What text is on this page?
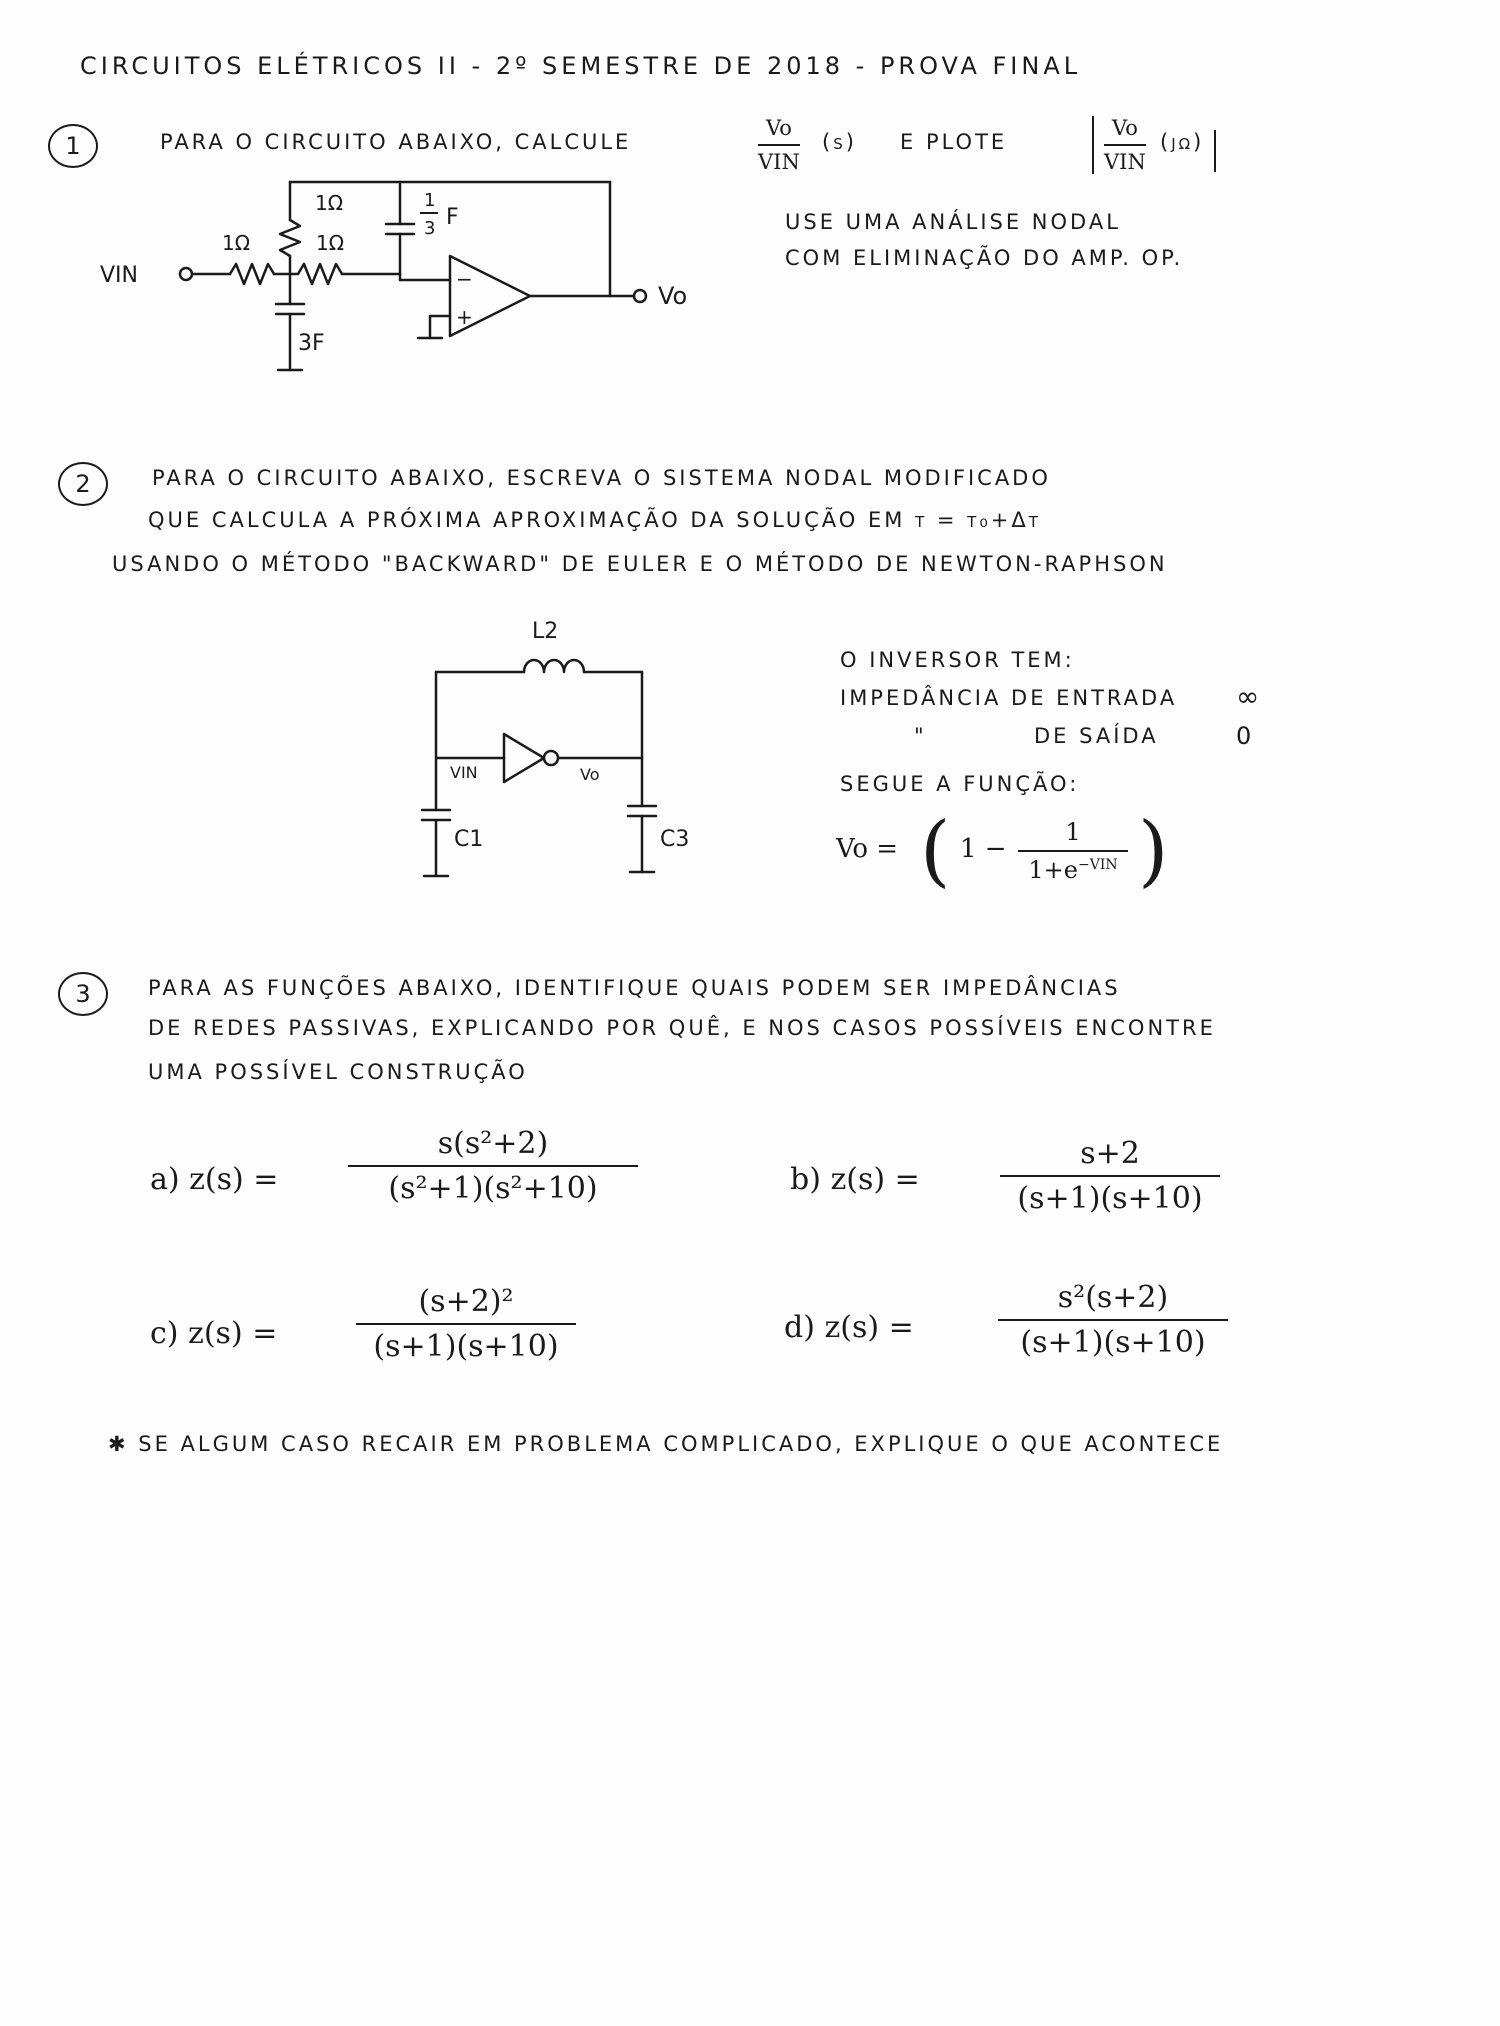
CIRCUITOS ELÉTRICOS II - 2º SEMESTRE DE 2018 - PROVA FINAL
1	PARA O CIRCUITO ABAIXO, CALCULE
Vo
VIN
(s) E PLOTE
Vo
VIN
(jω)
USE UMA ANÁLISE NODAL
COM ELIMINAÇÃO DO AMP. OP.
−
+
VIN
1Ω
1Ω
1Ω
1
3 F
3F
Vo
2	PARA O CIRCUITO ABAIXO, ESCREVA O SISTEMA NODAL MODIFICADO
QUE CALCULA A PRÓXIMA APROXIMAÇÃO DA SOLUÇÃO EM t = t₀+Δt
USANDO O MÉTODO "BACKWARD" DE EULER E O MÉTODO DE NEWTON-RAPHSON
L2
VIN	Vo
C1	C3
O INVERSOR TEM:
IMPEDÂNCIA DE ENTRADA ∞
"	DE SAÍDA	0
SEGUE A FUNÇÃO:
Vo = ( 1 −
1
$1+e^{-VIN}$ )
3	PARA AS FUNÇÕES ABAIXO, IDENTIFIQUE QUAIS PODEM SER IMPEDÂNCIAS
DE REDES PASSIVAS, EXPLICANDO POR QUÊ, E NOS CASOS POSSÍVEIS ENCONTRE
UMA POSSÍVEL CONSTRUÇÃO
a) z(s) =
s(s²+2)
(s²+1)(s²+10)	b) z(s) =
s+2
(s+1)(s+10)
c) z(s) =
(s+2)²
(s+1)(s+10)
d) z(s) =
s²(s+2)
(s+1)(s+10)
✱ SE ALGUM CASO RECAIR EM PROBLEMA COMPLICADO, EXPLIQUE O QUE ACONTECE
